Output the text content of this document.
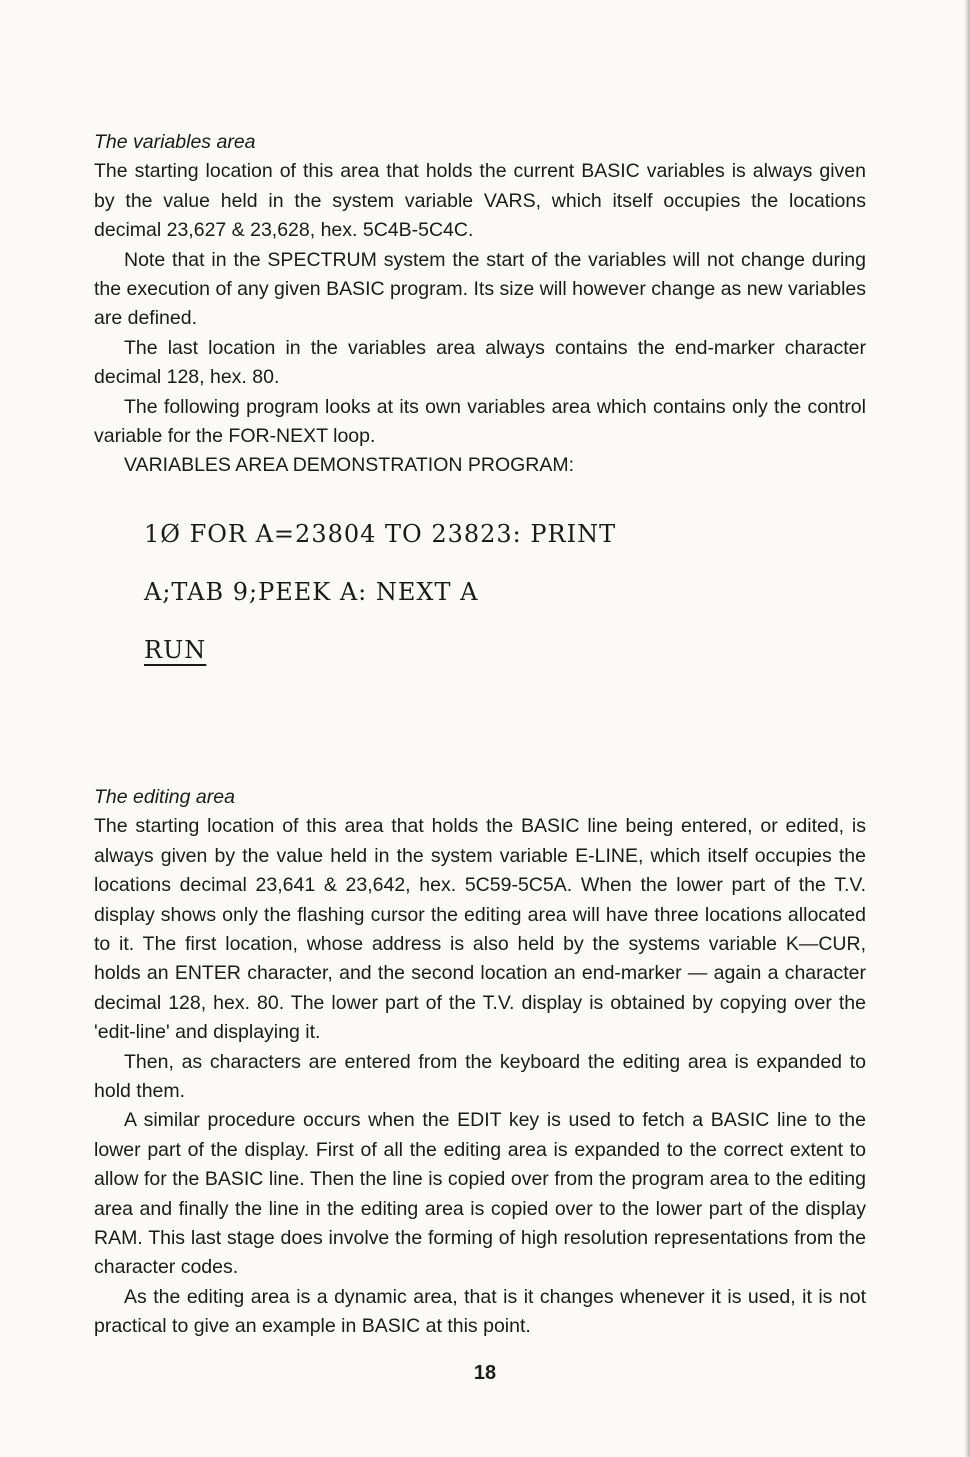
The variables area

The starting location of this area that holds the current BASIC variables is always given by the value held in the system variable VARS, which itself occupies the locations decimal 23,627 & 23,628, hex. 5C4B-5C4C.

Note that in the SPECTRUM system the start of the variables will not change during the execution of any given BASIC program. Its size will however change as new variables are defined.

The last location in the variables area always contains the end-marker character decimal 128, hex. 80.

The following program looks at its own variables area which contains only the control variable for the FOR-NEXT loop.

VARIABLES AREA DEMONSTRATION PROGRAM:

1Ø FOR A=23804 TO 23823: PRINT
A;TAB 9;PEEK A: NEXT A
RUN

The editing area

The starting location of this area that holds the BASIC line being entered, or edited, is always given by the value held in the system variable E-LINE, which itself occupies the locations decimal 23,641 & 23,642, hex. 5C59-5C5A. When the lower part of the T.V. display shows only the flashing cursor the editing area will have three locations allocated to it. The first location, whose address is also held by the systems variable K—CUR, holds an ENTER character, and the second location an end-marker — again a character decimal 128, hex. 80. The lower part of the T.V. display is obtained by copying over the 'edit-line' and displaying it.

Then, as characters are entered from the keyboard the editing area is expanded to hold them.

A similar procedure occurs when the EDIT key is used to fetch a BASIC line to the lower part of the display. First of all the editing area is expanded to the correct extent to allow for the BASIC line. Then the line is copied over from the program area to the editing area and finally the line in the editing area is copied over to the lower part of the display RAM. This last stage does involve the forming of high resolution representations from the character codes.

As the editing area is a dynamic area, that is it changes whenever it is used, it is not practical to give an example in BASIC at this point.

18
